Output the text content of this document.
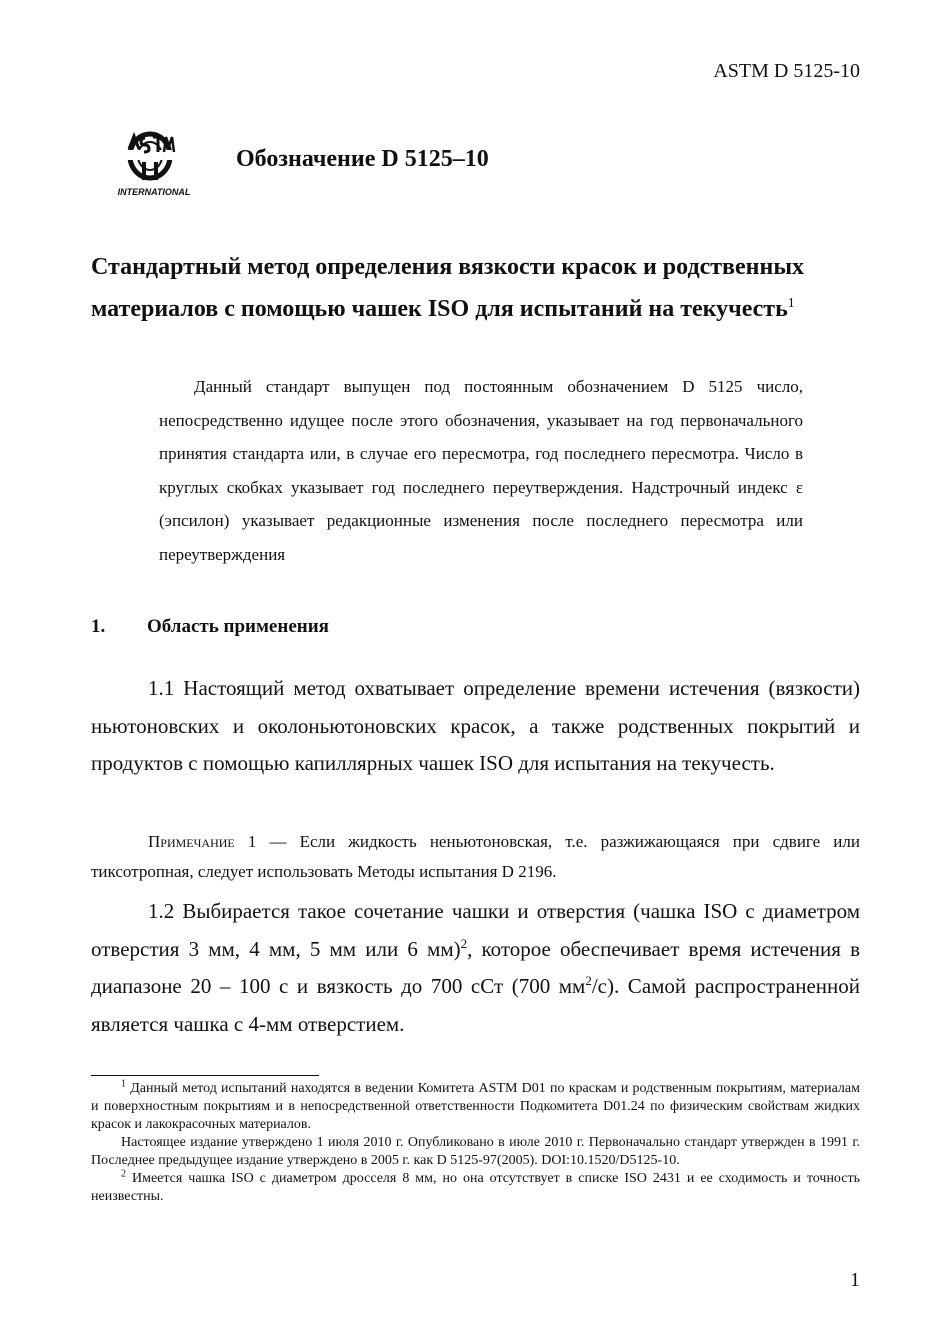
ASTM D 5125-10
INTERNATIONAL
Обозначение D 5125–10
Стандартный метод определения вязкости красок и родственных
материалов с помощью чашек ISO для испытаний на текучесть$^1$
Данный стандарт выпущен под постоянным обозначением D 5125 число, непосредственно идущее после этого обозначения, указывает на год первоначального принятия стандарта или, в случае его пересмотра, год последнего пересмотра. Число в круглых скобках указывает год последнего переутверждения. Надстрочный индекс ε (эпсилон) указывает редакционные изменения после последнего пересмотра или переутверждения
1. Область применения
1.1 Настоящий метод охватывает определение времени истечения (вязкости) ньютоновских и околоньютоновских красок, а также родственных покрытий и продуктов с помощью капиллярных чашек ISO для испытания на текучесть.
Примечание 1 — Если жидкость неньютоновская, т.е. разжижающаяся при сдвиге или тиксотропная, следует использовать Методы испытания D 2196.
1.2 Выбирается такое сочетание чашки и отверстия (чашка ISO с диаметром отверстия 3 мм, 4 мм, 5 мм или 6 мм)$^2$, которое обеспечивает время истечения в диапазоне 20 – 100 с и вязкость до 700 сСт (700 $мм^2/с$). Самой распространенной является чашка с 4-мм отверстием.

$^1$ Данный метод испытаний находятся в ведении Комитета ASTM D01 по краскам и родственным покрытиям, материалам и поверхностным покрытиям и в непосредственной ответственности Подкомитета D01.24 по физическим свойствам жидких красок и лакокрасочных материалов.

Настоящее издание утверждено 1 июля 2010 г. Опубликовано в июле 2010 г. Первоначально стандарт утвержден в 1991 г. Последнее предыдущее издание утверждено в 2005 г. как D 5125-97(2005). DOI:10.1520/D5125-10.

$^2$ Имеется чашка ISO с диаметром дросселя 8 мм, но она отсутствует в списке ISO 2431 и ее сходимость и точность неизвестны.

1
